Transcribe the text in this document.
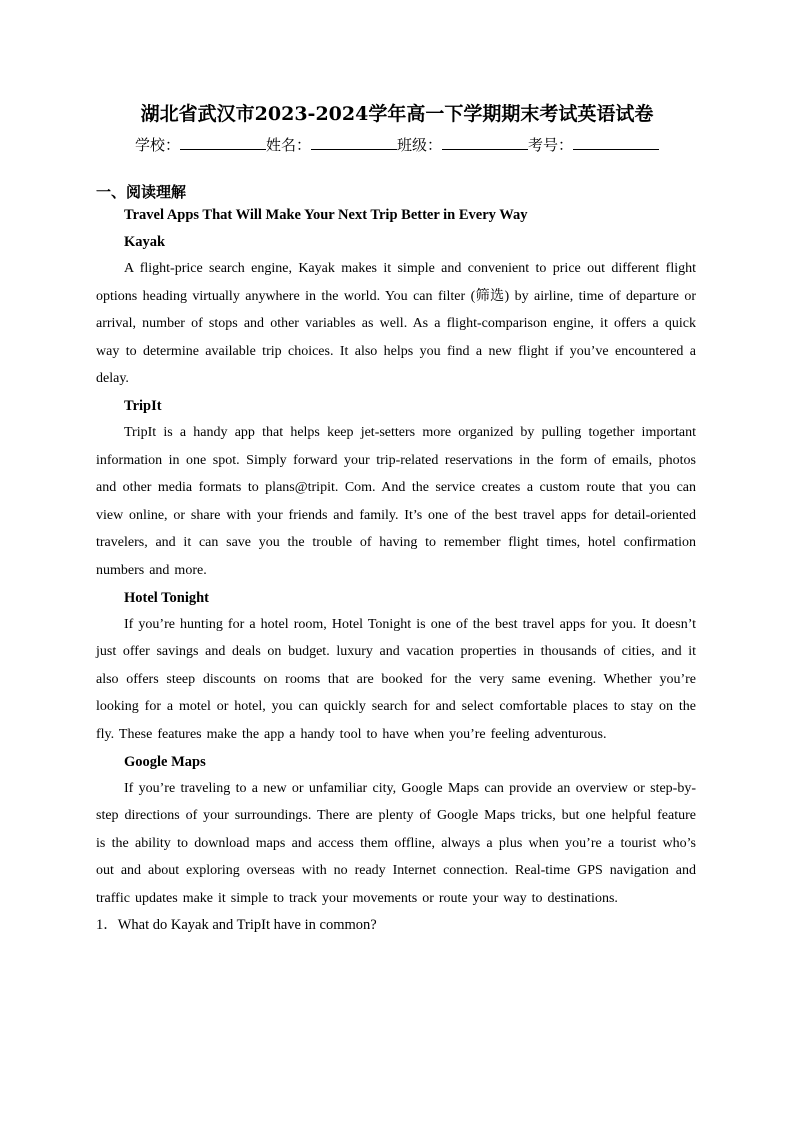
湖北省武汉市2023-2024学年高一下学期期末考试英语试卷
学校：	姓名：	班级：	考号：
一、阅读理解

Travel Apps That Will Make Your Next Trip Better in Every Way

Kayak

A flight-price search engine, Kayak makes it simple and convenient to price out different flight options heading virtually anywhere in the world. You can filter (筛选) by airline, time of departure or arrival, number of stops and other variables as well. As a flight-comparison engine, it offers a quick way to determine available trip choices. It also helps you find a new flight if you’ve encountered a delay.

TripIt

TripIt is a handy app that helps keep jet-setters more organized by pulling together important information in one spot. Simply forward your trip-related reservations in the form of emails, photos and other media formats to plans@tripit. Com. And the service creates a custom route that you can view online, or share with your friends and family. It’s one of the best travel apps for detail-oriented travelers, and it can save you the trouble of having to remember flight times, hotel confirmation numbers and more.

Hotel Tonight

If you’re hunting for a hotel room, Hotel Tonight is one of the best travel apps for you. It doesn’t just offer savings and deals on budget. luxury and vacation properties in thousands of cities, and it also offers steep discounts on rooms that are booked for the very same evening. Whether you’re looking for a motel or hotel, you can quickly search for and select comfortable places to stay on the fly. These features make the app a handy tool to have when you’re feeling adventurous.

Google Maps

If you’re traveling to a new or unfamiliar city, Google Maps can provide an overview or step-by-step directions of your surroundings. There are plenty of Google Maps tricks, but one helpful feature is the ability to download maps and access them offline, always a plus when you’re a tourist who’s out and about exploring overseas with no ready Internet connection. Real-time GPS navigation and traffic updates make it simple to track your movements or route your way to destinations.

1．What do Kayak and TripIt have in common?
